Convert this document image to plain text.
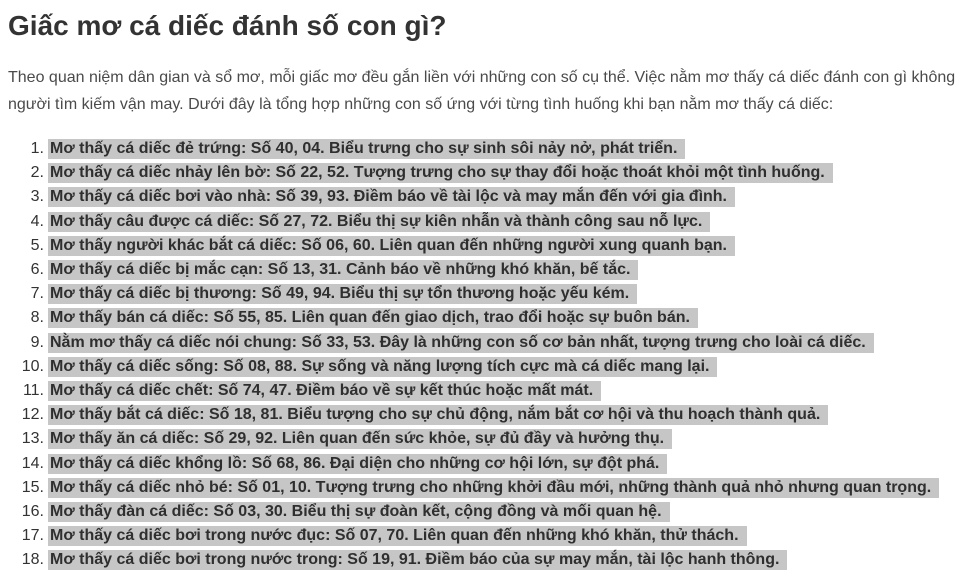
Giấc mơ cá diếc đánh số con gì?

Theo quan niệm dân gian và sổ mơ, mỗi giấc mơ đều gắn liền với những con số cụ thể. Việc nằm mơ thấy cá diếc đánh con gì không
người tìm kiếm vận may. Dưới đây là tổng hợp những con số ứng với từng tình huống khi bạn nằm mơ thấy cá diếc:

1. Mơ thấy cá diếc đẻ trứng: Số 40, 04. Biểu trưng cho sự sinh sôi nảy nở, phát triển.
2. Mơ thấy cá diếc nhảy lên bờ: Số 22, 52. Tượng trưng cho sự thay đổi hoặc thoát khỏi một tình huống.
3. Mơ thấy cá diếc bơi vào nhà: Số 39, 93. Điềm báo về tài lộc và may mắn đến với gia đình.
4. Mơ thấy câu được cá diếc: Số 27, 72. Biểu thị sự kiên nhẫn và thành công sau nỗ lực.
5. Mơ thấy người khác bắt cá diếc: Số 06, 60. Liên quan đến những người xung quanh bạn.
6. Mơ thấy cá diếc bị mắc cạn: Số 13, 31. Cảnh báo về những khó khăn, bế tắc.
7. Mơ thấy cá diếc bị thương: Số 49, 94. Biểu thị sự tổn thương hoặc yếu kém.
8. Mơ thấy bán cá diếc: Số 55, 85. Liên quan đến giao dịch, trao đổi hoặc sự buôn bán.
9. Nằm mơ thấy cá diếc nói chung: Số 33, 53. Đây là những con số cơ bản nhất, tượng trưng cho loài cá diếc.
10. Mơ thấy cá diếc sống: Số 08, 88. Sự sống và năng lượng tích cực mà cá diếc mang lại.
11. Mơ thấy cá diếc chết: Số 74, 47. Điềm báo về sự kết thúc hoặc mất mát.
12. Mơ thấy bắt cá diếc: Số 18, 81. Biểu tượng cho sự chủ động, nắm bắt cơ hội và thu hoạch thành quả.
13. Mơ thấy ăn cá diếc: Số 29, 92. Liên quan đến sức khỏe, sự đủ đầy và hưởng thụ.
14. Mơ thấy cá diếc khổng lồ: Số 68, 86. Đại diện cho những cơ hội lớn, sự đột phá.
15. Mơ thấy cá diếc nhỏ bé: Số 01, 10. Tượng trưng cho những khởi đầu mới, những thành quả nhỏ nhưng quan trọng.
16. Mơ thấy đàn cá diếc: Số 03, 30. Biểu thị sự đoàn kết, cộng đồng và mối quan hệ.
17. Mơ thấy cá diếc bơi trong nước đục: Số 07, 70. Liên quan đến những khó khăn, thử thách.
18. Mơ thấy cá diếc bơi trong nước trong: Số 19, 91. Điềm báo của sự may mắn, tài lộc hanh thông.
